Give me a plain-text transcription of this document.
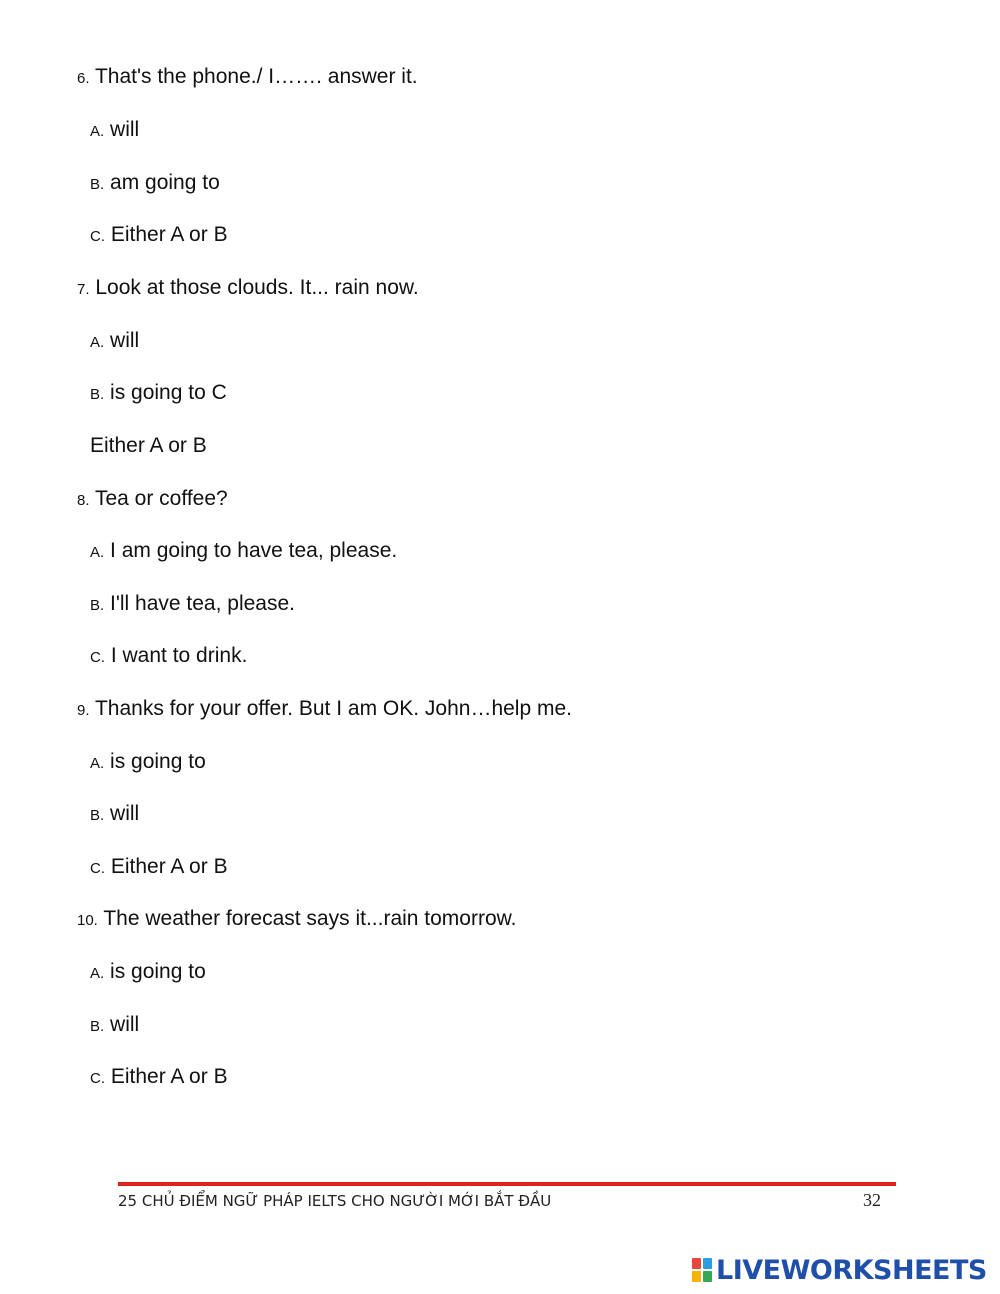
6. That's the phone./ I……. answer it.
A. will
B. am going to
C. Either A or B
7. Look at those clouds. It... rain now.
A. will
B. is going to C
Either A or B
8. Tea or coffee?
A. I am going to have tea, please.
B. I'll have tea, please.
C. I want to drink.
9. Thanks for your offer. But I am OK. John…help me.
A. is going to
B. will
C. Either A or B
10. The weather forecast says it...rain tomorrow.
A. is going to
B. will
C. Either A or B
25 CHỦ ĐIỂM NGỮ PHÁP IELTS CHO NGƯỜI MỚI BẮT ĐẦU	32
LIVEWORKSHEETS
